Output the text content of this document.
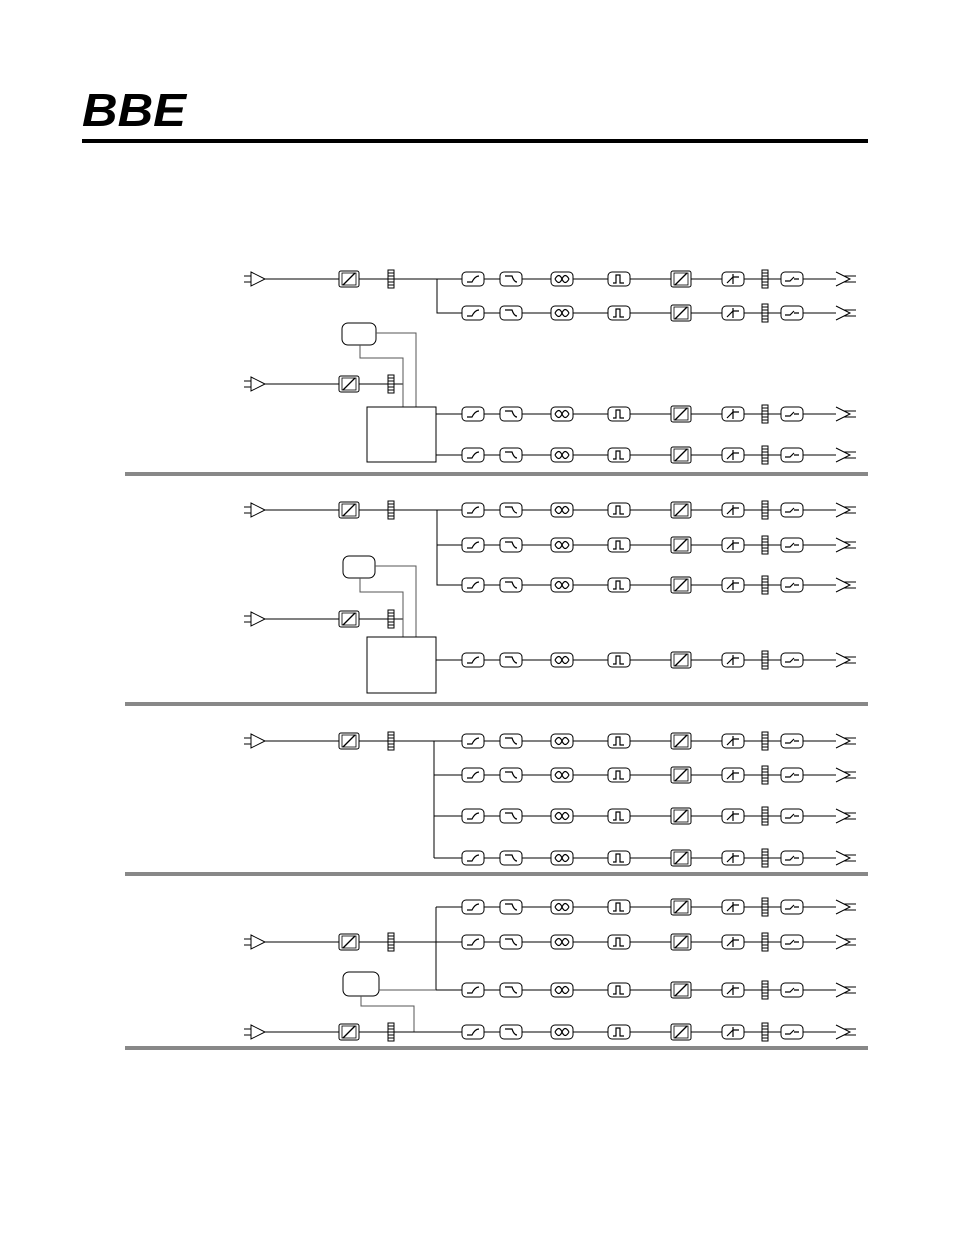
BBE
